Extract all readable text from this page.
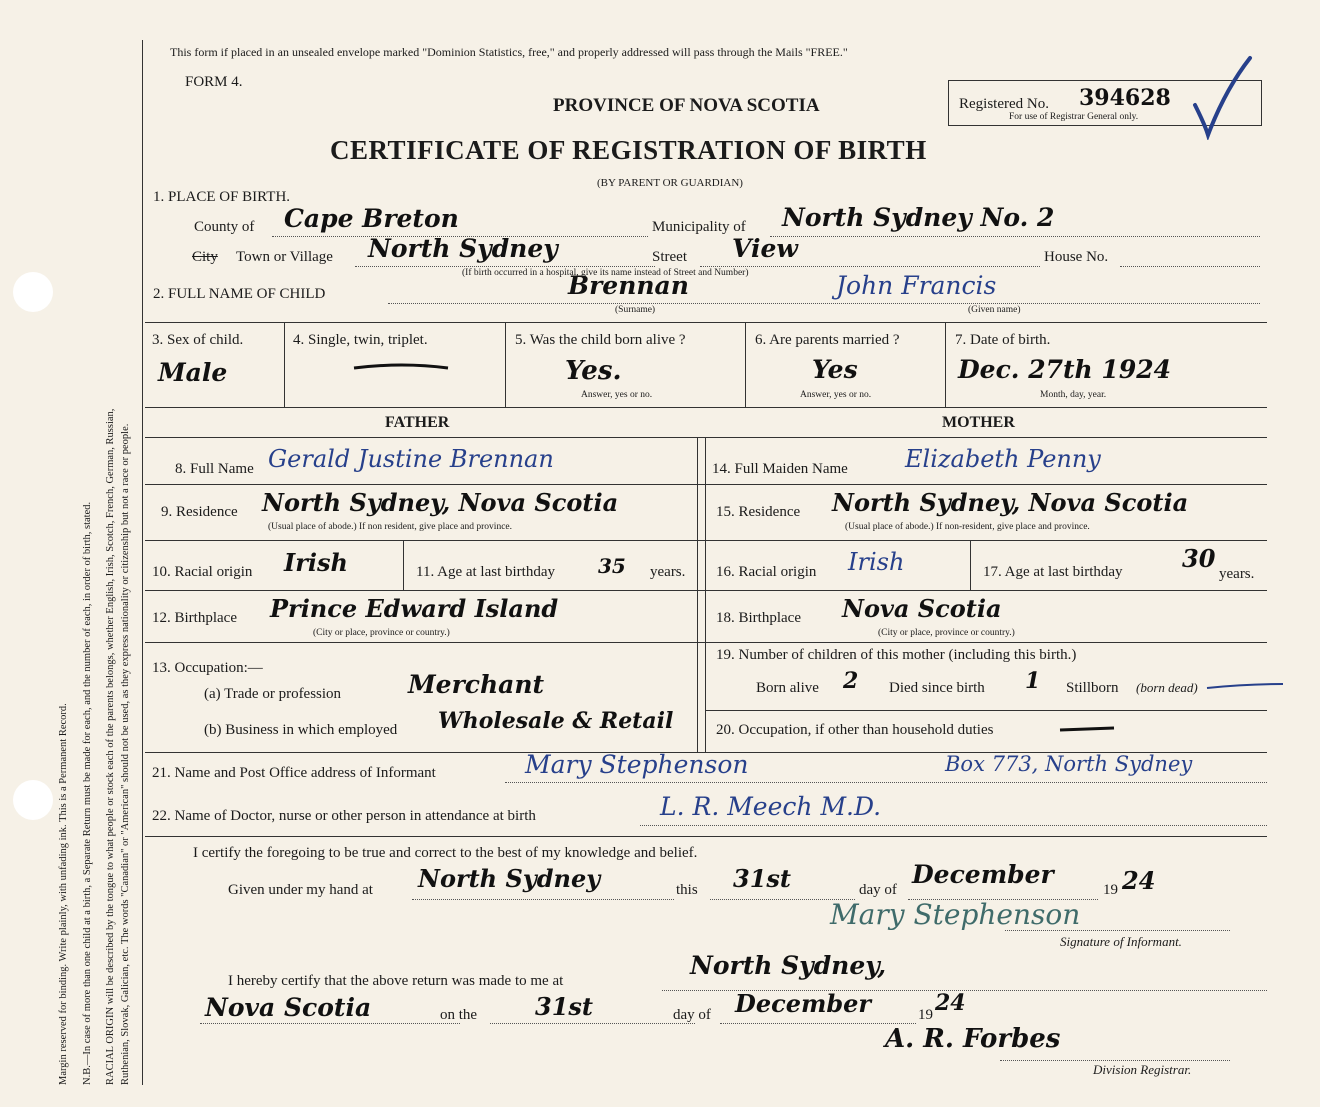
Margin reserved for binding. Write plainly, with unfading ink. This is a Permanent Record. N.B.—In case of more than one child at a birth, a Separate Return must be made for each, and the number of each, in order of birth, stated. RACIAL ORIGIN will be described by the tongue to what people or stock each of the parents belongs, whether English, Irish, Scotch, French, German, Russian, Ruthenian, Slovak, Galician, etc. The words "Canadian" or "American" should not be used, as they express nationality or citizenship but not a race or people.
This form if placed in an unsealed envelope marked "Dominion Statistics, free," and properly addressed will pass through the Mails "FREE."
FORM 4.
PROVINCE OF NOVA SCOTIA
CERTIFICATE OF REGISTRATION OF BIRTH
(BY PARENT OR GUARDIAN)
Registered No. 394628
For use of Registrar General only.
1. PLACE OF BIRTH.
County of Cape Breton	Municipality of North Sydney No. 2
City Town or Village North Sydney	Street View	House No.
(If birth occurred in a hospital, give its name instead of Street and Number)
2. FULL NAME OF CHILD	Brennan	John Francis
(Surname)	(Given name)
3. Sex of child.
Male
4. Single, twin, triplet.	5. Was the child born alive ?
Yes.
Answer, yes or no.
6. Are parents married ?
Yes
Answer, yes or no.
7. Date of birth.
Dec. 27th 1924
Month, day, year.
FATHER	MOTHER
8. Full Name Gerald Justine Brennan	14. Full Maiden Name Elizabeth Penny
9. Residence North Sydney, Nova Scotia
(Usual place of abode.) If non resident, give place and province.
15. Residence North Sydney, Nova Scotia
(Usual place of abode.) If non-resident, give place and province.
10. Racial origin Irish	11. Age at last birthday 35 years. 16. Racial origin Irish	17. Age at last birthday 30
years.
12. Birthplace Prince Edward Island
(City or place, province or country.)
18. Birthplace Nova Scotia
(City or place, province or country.)
13. Occupation:—
(a) Trade or profession	Merchant
(b) Business in which employed Wholesale & Retail
19. Number of children of this mother (including this birth.)
Born alive 2 Died since birth 1 Stillborn (born dead)
20. Occupation, if other than household duties
21. Name and Post Office address of Informant	Mary Stephenson	Box 773, North Sydney
22. Name of Doctor, nurse or other person in attendance at birth	L. R. Meech M.D.
I certify the foregoing to be true and correct to the best of my knowledge and belief.
Given under my hand at North Sydney	this 31st	day of
December
19 24
Mary Stephenson
Signature of Informant.
I hereby certify that the above return was made to me at
North Sydney,
Nova Scotia	on the 31st	day of December	19 24
A. R. Forbes
Division Registrar.
